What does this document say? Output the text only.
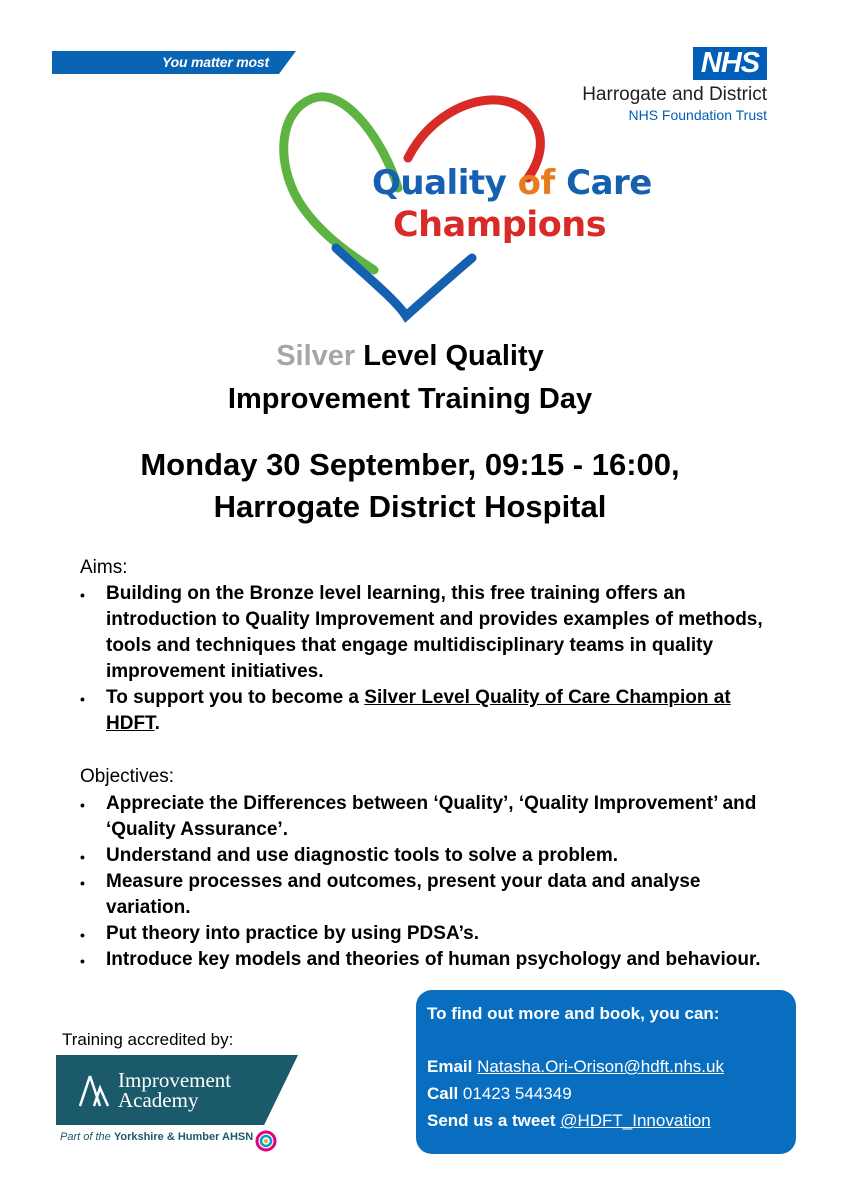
You matter most	NHS
Harrogate and District
NHS Foundation Trust
Quality of Care
Champions
Silver Level Quality
Improvement Training Day
Monday 30 September, 09:15 - 16:00,
Harrogate District Hospital
Aims:
• Building on the Bronze level learning, this free training offers an introduction to Quality Improvement and provides examples of methods, tools and techniques that engage multidisciplinary teams in quality improvement initiatives.
• To support you to become a Silver Level Quality of Care Champion at HDFT.
Objectives:
• Appreciate the Differences between ‘Quality’, ‘Quality Improvement’ and ‘Quality Assurance’.
• Understand and use diagnostic tools to solve a problem.
• Measure processes and outcomes, present your data and analyse variation.
• Put theory into practice by using PDSA’s.
• Introduce key models and theories of human psychology and behaviour.
Training accredited by:
Improvement
Academy
Part of the Yorkshire & Humber AHSN
To find out more and book, you can:
Email Natasha.Ori-Orison@hdft.nhs.uk
Call 01423 544349
Send us a tweet @HDFT_Innovation
